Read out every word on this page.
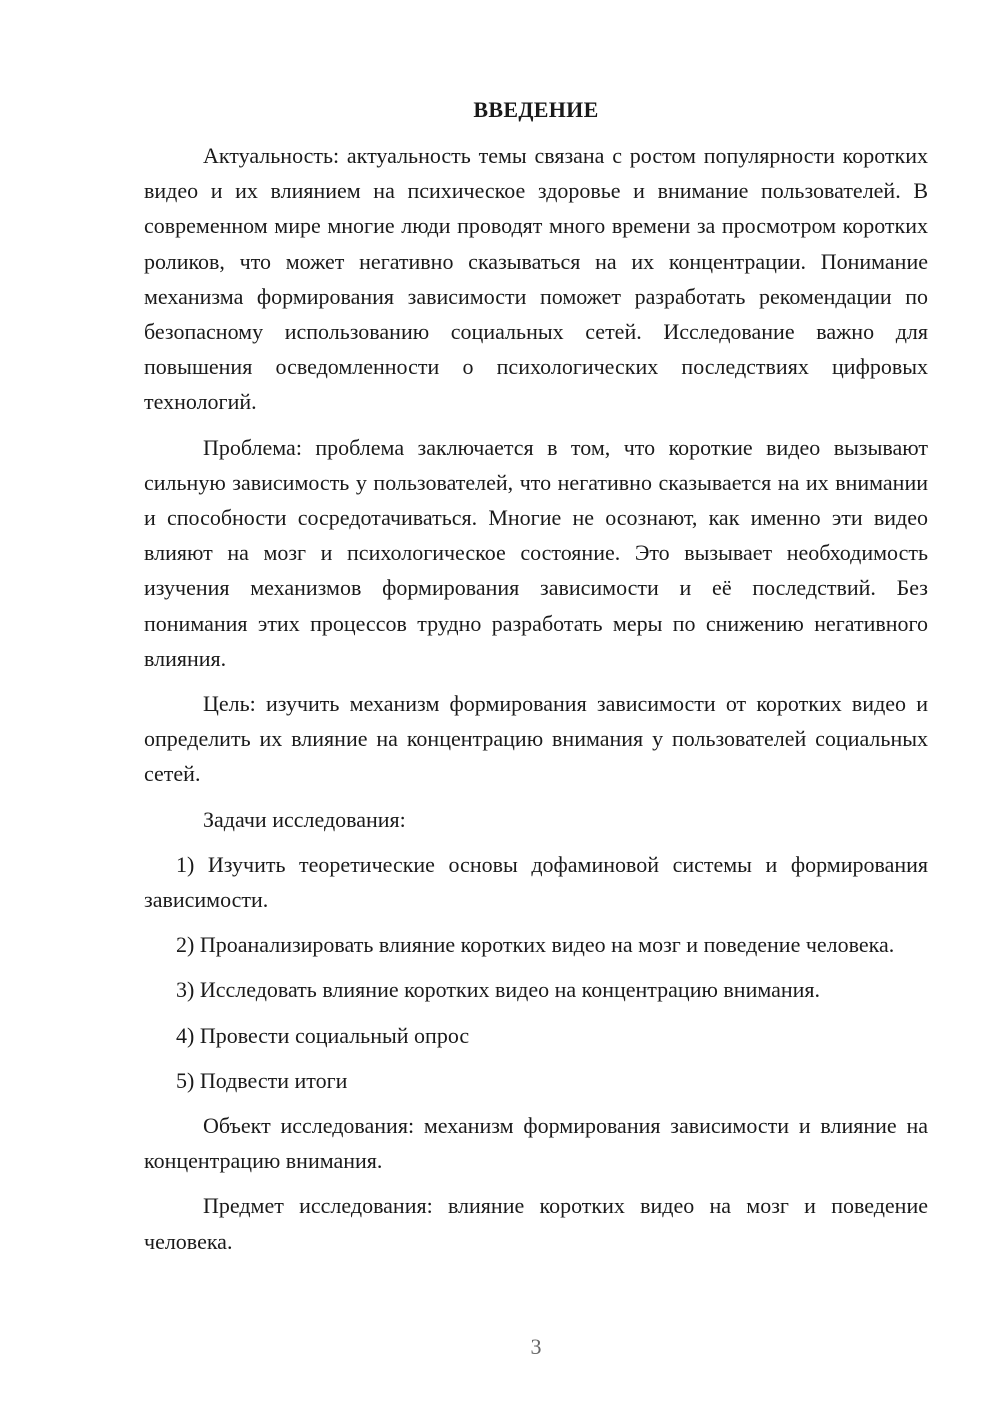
ВВЕДЕНИЕ

Актуальность: актуальность темы связана с ростом популярности коротких видео и их влиянием на психическое здоровье и внимание пользователей. В современном мире многие люди проводят много времени за просмотром коротких роликов, что может негативно сказываться на их концентрации. Понимание механизма формирования зависимости поможет разработать рекомендации по безопасному использованию социальных сетей. Исследование важно для повышения осведомленности о психологических последствиях цифровых технологий.

Проблема: проблема заключается в том, что короткие видео вызывают сильную зависимость у пользователей, что негативно сказывается на их внимании и способности сосредотачиваться. Многие не осознают, как именно эти видео влияют на мозг и психологическое состояние. Это вызывает необходимость изучения механизмов формирования зависимости и её последствий. Без понимания этих процессов трудно разработать меры по снижению негативного влияния.

Цель: изучить механизм формирования зависимости от коротких видео и определить их влияние на концентрацию внимания у пользователей социальных сетей.

Задачи исследования:

1) Изучить теоретические основы дофаминовой системы и формирования зависимости.

2) Проанализировать влияние коротких видео на мозг и поведение человека.

3) Исследовать влияние коротких видео на концентрацию внимания.

4) Провести социальный опрос

5) Подвести итоги

Объект исследования: механизм формирования зависимости и влияние на концентрацию внимания.

Предмет исследования: влияние коротких видео на мозг и поведение человека.

3
